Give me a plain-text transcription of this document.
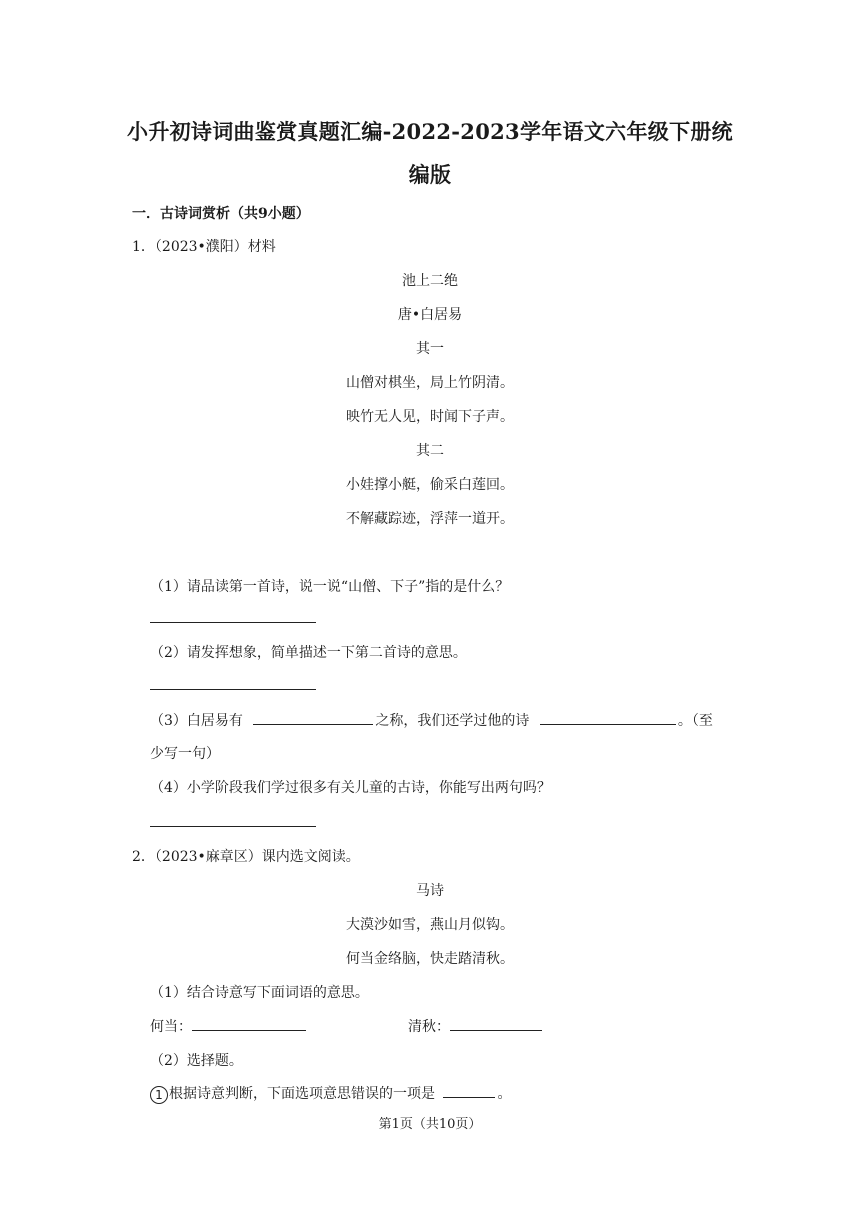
小升初诗词曲鉴赏真题汇编-2022-2023学年语文六年级下册统
编版
一．古诗词赏析（共9小题）
1．（2023•濮阳）材料
池上二绝
唐•白居易
其一
山僧对棋坐，局上竹阴清。
映竹无人见，时闻下子声。
其二
小娃撑小艇，偷采白莲回。
不解藏踪迹，浮萍一道开。
（1）请品读第一首诗，说一说“山僧、下子”指的是什么？
（2）请发挥想象，简单描述一下第二首诗的意思。
（3）白居易有	之称，我们还学过他的诗	。（至
少写一句）
（4）小学阶段我们学过很多有关儿童的古诗，你能写出两句吗？
2．（2023•麻章区）课内选文阅读。
马诗
大漠沙如雪，燕山月似钩。
何当金络脑，快走踏清秋。
（1）结合诗意写下面词语的意思。
何当：	清秋：
（2）选择题。
1 根据诗意判断，下面选项意思错误的一项是	。
第1页（共10页）
